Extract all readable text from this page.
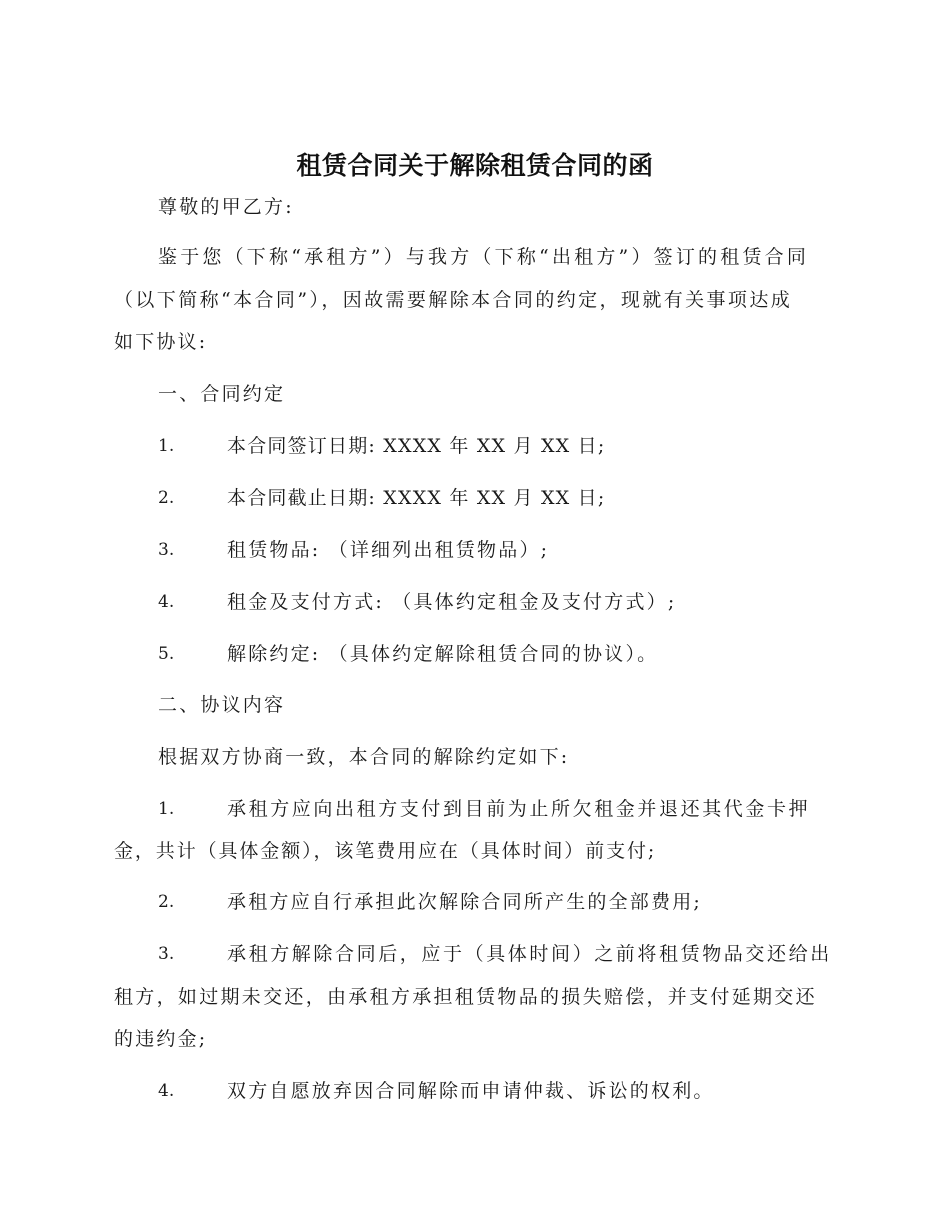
租赁合同关于解除租赁合同的函

尊敬的甲乙方:

鉴于您（下称“承租方”）与我方（下称“出租方”）签订的租赁合同

（以下简称“本合同”），因故需要解除本合同的约定，现就有关事项达成

如下协议:

一、合同约定

1.	本合同签订日期: XXXX 年 XX 月 XX 日;

2.	本合同截止日期: XXXX 年 XX 月 XX 日;

3.	租赁物品: （详细列出租赁物品）;

4.	租金及支付方式: （具体约定租金及支付方式）;

5.	解除约定: （具体约定解除租赁合同的协议）。

二、协议内容

根据双方协商一致，本合同的解除约定如下:

1.	承租方应向出租方支付到目前为止所欠租金并退还其代金卡押

金，共计（具体金额），该笔费用应在（具体时间）前支付;

2.	承租方应自行承担此次解除合同所产生的全部费用;

3.	承租方解除合同后，应于（具体时间）之前将租赁物品交还给出

租方，如过期未交还，由承租方承担租赁物品的损失赔偿，并支付延期交还

的违约金;

4.	双方自愿放弃因合同解除而申请仲裁、诉讼的权利。
